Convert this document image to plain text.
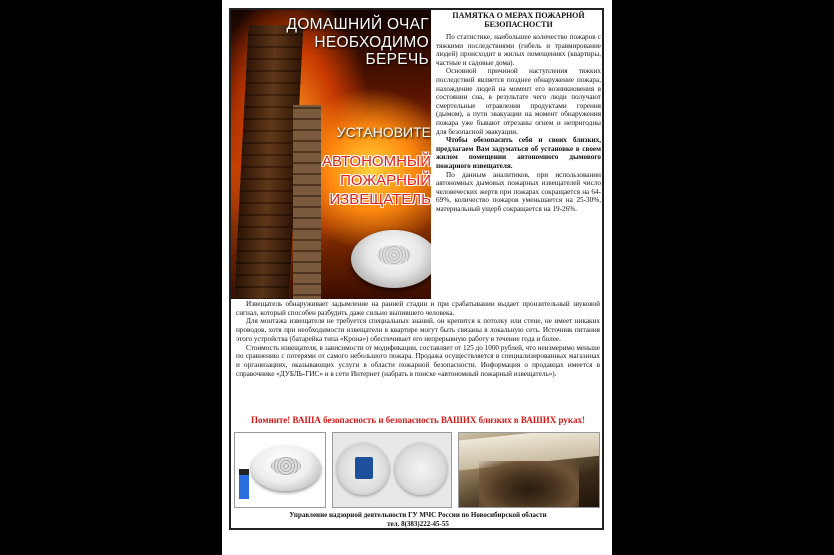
ДОМАШНИЙ ОЧАГ
НЕОБХОДИМО
БЕРЕЧЬ
УСТАНОВИТЕ
АВТОНОМНЫЙ
ПОЖАРНЫЙ
ИЗВЕЩАТЕЛЬ
ПАМЯТКА О МЕРАХ ПОЖАРНОЙ БЕЗОПАСНОСТИ

По статистике, наибольшее количество пожаров с тяжкими последствиями (гибель и травмирование людей) происходит в жилых помещениях (квартиры, частные и садовые дома).

Основной причиной наступления тяжких последствий является позднее обнаружение пожара, нахождение людей на момент его возникновения в состоянии сна, в результате чего люди получают смертельные отравления продуктами горения (дымом), а пути эвакуации на момент обнаружения пожара уже бывают отрезаны огнем и непригодны для безопасной эвакуации.

Чтобы обезопасить себя и своих близких, предлагаем Вам задуматься об установке в своем жилом помещении автономного дымового пожарного извещателя.

По данным аналитиков, при использовании автономных дымовых пожарных извещателей число человеческих жертв при пожарах сокращается на 64-69%, количество пожаров уменьшается на 25-30%, материальный ущерб сокращается на 19-26%.

Извещатель обнаруживает задымление на ранней стадии и при срабатывании выдает пронзительный звуковой сигнал, который способен разбудить даже сильно выпившего человека.

Для монтажа извещателя не требуется специальных знаний, он крепится к потолку или стене, не имеет никаких проводов, хотя при необходимости извещатели в квартире могут быть связаны в локальную сеть. Источник питания этого устройства (батарейка типа «Крона») обеспечивает его непрерывную работу в течение года и более.

Стоимость извещателя, в зависимости от модификации, составляет от 125 до 1000 рублей, что неизмеримо меньше по сравнению с потерями от самого небольшого пожара. Продажа осуществляется в специализированных магазинах и организациях, оказывающих услуги в области пожарной безопасности. Информация о продавцах имеется в справочнике «ДУБЛЬ-ГИС» и в сети Интернет (набрать в поиске «автономный пожарный извещатель»).

Помните! ВАША безопасность и безопасность ВАШИХ близких в ВАШИХ руках!
Управление надзорной деятельности ГУ МЧС России по Новосибирской области
тел. 8(383)222-45-55
